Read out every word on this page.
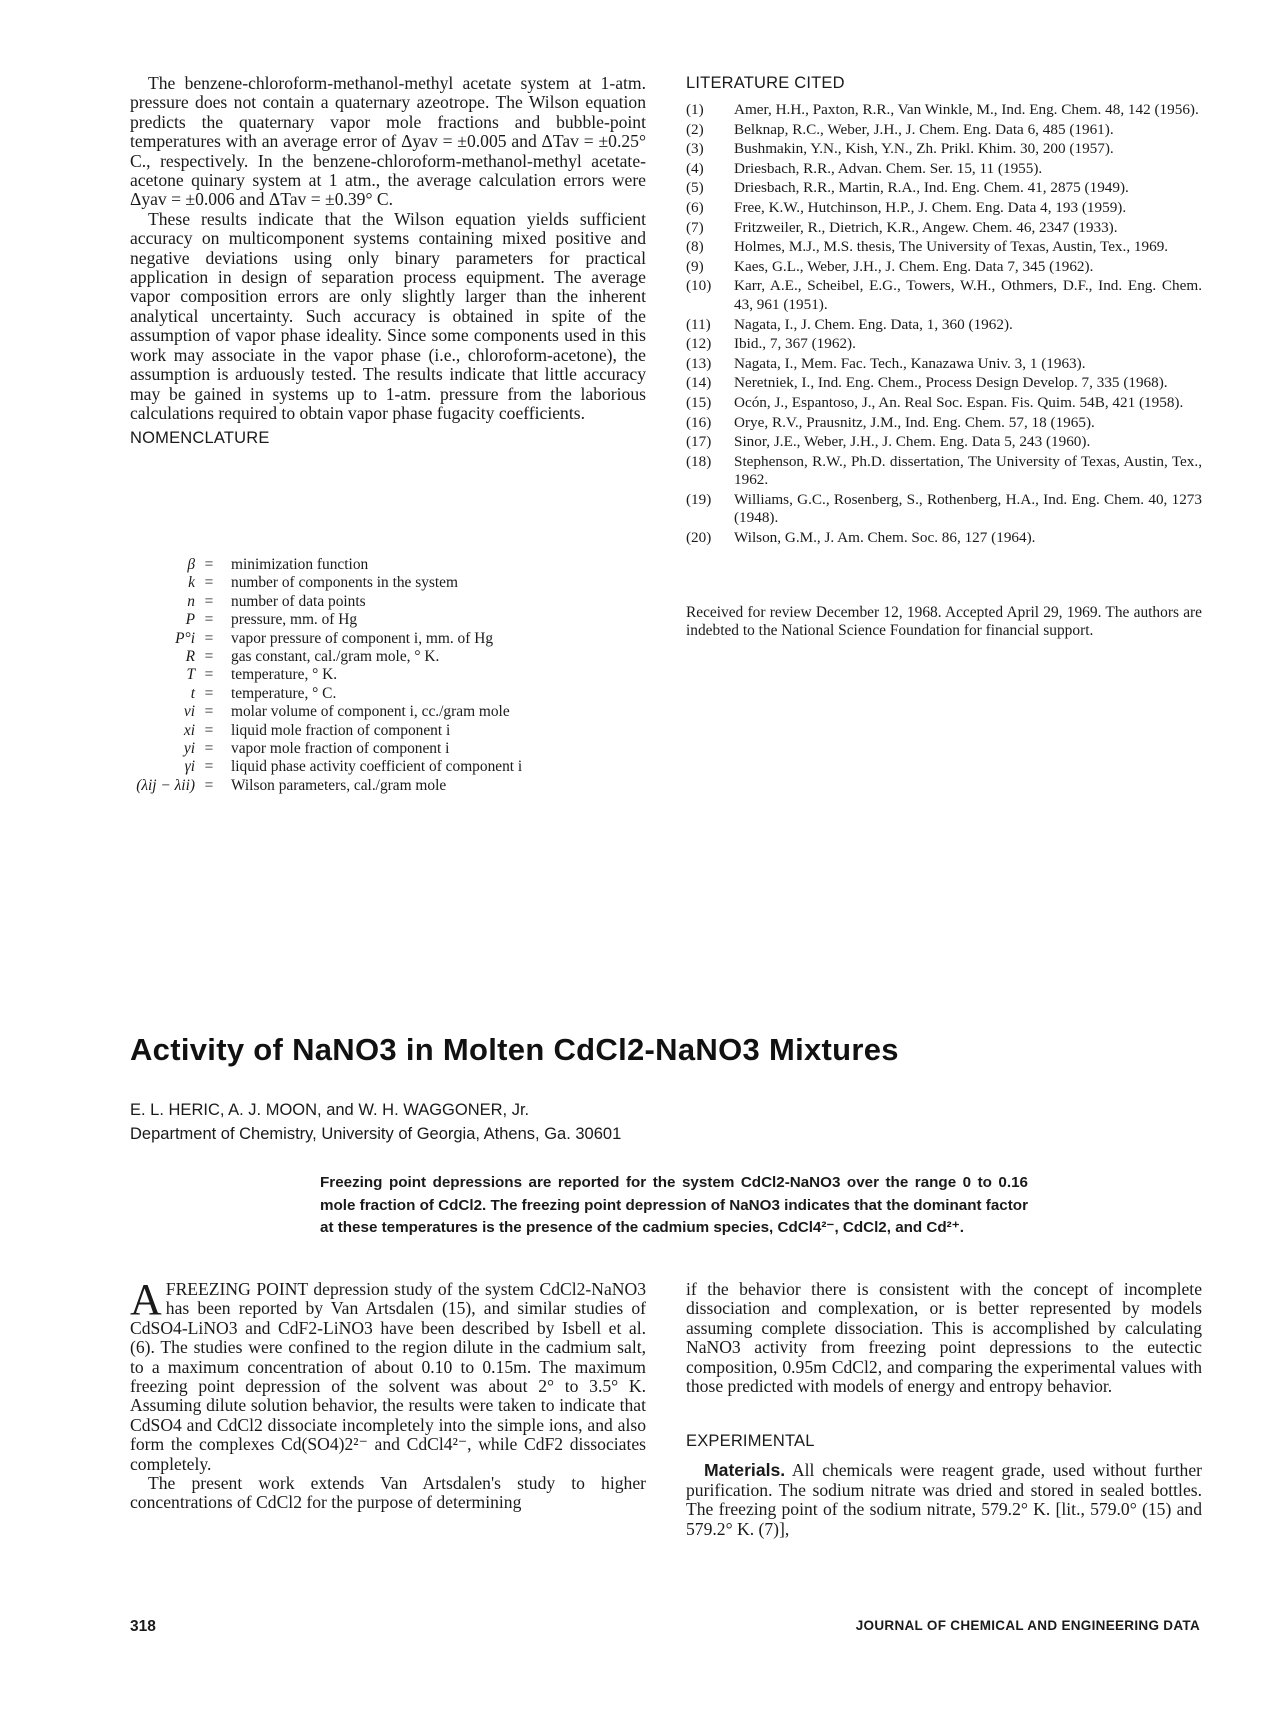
The benzene-chloroform-methanol-methyl acetate system at 1-atm. pressure does not contain a quaternary azeotrope. The Wilson equation predicts the quaternary vapor mole fractions and bubble-point temperatures with an average error of Δyav = ±0.005 and ΔTav = ±0.25° C., respectively. In the benzene-chloroform-methanol-methyl acetate-acetone quinary system at 1 atm., the average calculation errors were Δyav = ±0.006 and ΔTav = ±0.39° C.

These results indicate that the Wilson equation yields sufficient accuracy on multicomponent systems containing mixed positive and negative deviations using only binary parameters for practical application in design of separation process equipment. The average vapor composition errors are only slightly larger than the inherent analytical uncertainty. Such accuracy is obtained in spite of the assumption of vapor phase ideality. Since some components used in this work may associate in the vapor phase (i.e., chloroform-acetone), the assumption is arduously tested. The results indicate that little accuracy may be gained in systems up to 1-atm. pressure from the laborious calculations required to obtain vapor phase fugacity coefficients.

NOMENCLATURE

β = minimization function
k = number of components in the system
n = number of data points
P = pressure, mm. of Hg
P°i = vapor pressure of component i, mm. of Hg
R = gas constant, cal./gram mole, ° K.
T = temperature, ° K.
t = temperature, ° C.
vi = molar volume of component i, cc./gram mole
xi = liquid mole fraction of component i
yi = vapor mole fraction of component i
γi = liquid phase activity coefficient of component i
(λij − λii) = Wilson parameters, cal./gram mole

LITERATURE CITED

(1)	Amer, H.H., Paxton, R.R., Van Winkle, M., Ind. Eng. Chem. 48, 142 (1956).
(2)	Belknap, R.C., Weber, J.H., J. Chem. Eng. Data 6, 485 (1961).
(3)	Bushmakin, Y.N., Kish, Y.N., Zh. Prikl. Khim. 30, 200 (1957).
(4)	Driesbach, R.R., Advan. Chem. Ser. 15, 11 (1955).
(5)	Driesbach, R.R., Martin, R.A., Ind. Eng. Chem. 41, 2875 (1949).
(6)	Free, K.W., Hutchinson, H.P., J. Chem. Eng. Data 4, 193 (1959).
(7)	Fritzweiler, R., Dietrich, K.R., Angew. Chem. 46, 2347 (1933).
(8)	Holmes, M.J., M.S. thesis, The University of Texas, Austin, Tex., 1969.
(9)	Kaes, G.L., Weber, J.H., J. Chem. Eng. Data 7, 345 (1962).
(10)	Karr, A.E., Scheibel, E.G., Towers, W.H., Othmers, D.F., Ind. Eng. Chem. 43, 961 (1951).
(11)	Nagata, I., J. Chem. Eng. Data, 1, 360 (1962).
(12)	Ibid., 7, 367 (1962).
(13)	Nagata, I., Mem. Fac. Tech., Kanazawa Univ. 3, 1 (1963).
(14)	Neretniek, I., Ind. Eng. Chem., Process Design Develop. 7, 335 (1968).
(15)	Ocón, J., Espantoso, J., An. Real Soc. Espan. Fis. Quim. 54B, 421 (1958).
(16)	Orye, R.V., Prausnitz, J.M., Ind. Eng. Chem. 57, 18 (1965).
(17)	Sinor, J.E., Weber, J.H., J. Chem. Eng. Data 5, 243 (1960).
(18)	Stephenson, R.W., Ph.D. dissertation, The University of Texas, Austin, Tex., 1962.
(19)	Williams, G.C., Rosenberg, S., Rothenberg, H.A., Ind. Eng. Chem. 40, 1273 (1948).
(20)	Wilson, G.M., J. Am. Chem. Soc. 86, 127 (1964).

Received for review December 12, 1968. Accepted April 29, 1969. The authors are indebted to the National Science Foundation for financial support.

Activity of NaNO3 in Molten CdCl2-NaNO3 Mixtures
E. L. HERIC, A. J. MOON, and W. H. WAGGONER, Jr.
Department of Chemistry, University of Georgia, Athens, Ga. 30601
Freezing point depressions are reported for the system CdCl2-NaNO3 over the range 0 to 0.16 mole fraction of CdCl2. The freezing point depression of NaNO3 indicates that the dominant factor at these temperatures is the presence of the cadmium species, CdCl4²⁻, CdCl2, and Cd²⁺.

AFREEZING POINT depression study of the system CdCl2-NaNO3 has been reported by Van Artsdalen (15), and similar studies of CdSO4-LiNO3 and CdF2-LiNO3 have been described by Isbell et al. (6). The studies were confined to the region dilute in the cadmium salt, to a maximum concentration of about 0.10 to 0.15m. The maximum freezing point depression of the solvent was about 2° to 3.5° K. Assuming dilute solution behavior, the results were taken to indicate that CdSO4 and CdCl2 dissociate incompletely into the simple ions, and also form the complexes Cd(SO4)2²⁻ and CdCl4²⁻, while CdF2 dissociates completely.

The present work extends Van Artsdalen's study to higher concentrations of CdCl2 for the purpose of determining

if the behavior there is consistent with the concept of incomplete dissociation and complexation, or is better represented by models assuming complete dissociation. This is accomplished by calculating NaNO3 activity from freezing point depressions to the eutectic composition, 0.95m CdCl2, and comparing the experimental values with those predicted with models of energy and entropy behavior.

EXPERIMENTAL

Materials. All chemicals were reagent grade, used without further purification. The sodium nitrate was dried and stored in sealed bottles. The freezing point of the sodium nitrate, 579.2° K. [lit., 579.0° (15) and 579.2° K. (7)],

318	JOURNAL OF CHEMICAL AND ENGINEERING DATA
